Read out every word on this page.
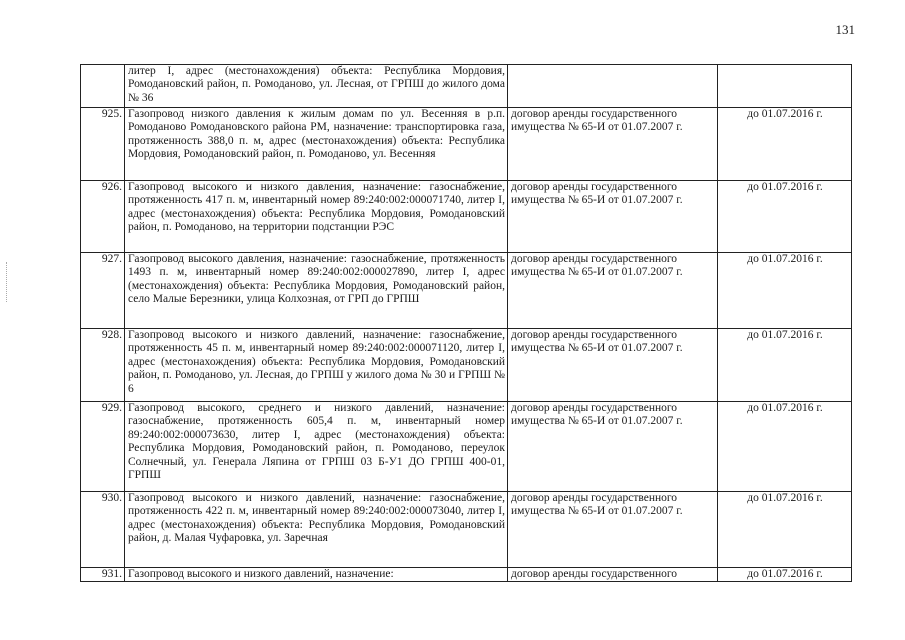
131
	литер I, адрес (местонахождения) объекта: Республика Мордовия, Ромодановский район, п. Ромоданово, ул. Лесная, от ГРПШ до жилого дома № 36		
925.	Газопровод низкого давления к жилым домам по ул. Весенняя в р.п. Ромоданово Ромодановского района РМ, назначение: транспортировка газа, протяженность 388,0 п. м, адрес (местонахождения) объекта: Республика Мордовия, Ромодановский район, п. Ромоданово, ул. Весенняя	договор аренды государственного имущества № 65-И от 01.07.2007 г.	до 01.07.2016 г.
926.	Газопровод высокого и низкого давления, назначение: газоснабжение, протяженность 417 п. м, инвентарный номер 89:240:002:000071740, литер I, адрес (местонахождения) объекта: Республика Мордовия, Ромодановский район, п. Ромоданово, на территории подстанции РЭС	договор аренды государственного имущества № 65-И от 01.07.2007 г.	до 01.07.2016 г.
927.	Газопровод высокого давления, назначение: газоснабжение, протяженность 1493 п. м, инвентарный номер 89:240:002:000027890, литер I, адрес (местонахождения) объекта: Республика Мордовия, Ромодановский район, село Малые Березники, улица Колхозная, от ГРП до ГРПШ	договор аренды государственного имущества № 65-И от 01.07.2007 г.	до 01.07.2016 г.
928.	Газопровод высокого и низкого давлений, назначение: газоснабжение, протяженность 45 п. м, инвентарный номер 89:240:002:000071120, литер I, адрес (местонахождения) объекта: Республика Мордовия, Ромодановский район, п. Ромоданово, ул. Лесная, до ГРПШ у жилого дома № 30 и ГРПШ № 6	договор аренды государственного имущества № 65-И от 01.07.2007 г.	до 01.07.2016 г.
929.	Газопровод высокого, среднего и низкого давлений, назначение: газоснабжение, протяженность 605,4 п. м, инвентарный номер 89:240:002:000073630, литер I, адрес (местонахождения) объекта: Республика Мордовия, Ромодановский район, п. Ромоданово, переулок Солнечный, ул. Генерала Ляпина от ГРПШ 03 Б-У1 ДО ГРПШ 400-01, ГРПШ	договор аренды государственного имущества № 65-И от 01.07.2007 г.	до 01.07.2016 г.
930.	Газопровод высокого и низкого давлений, назначение: газоснабжение, протяженность 422 п. м, инвентарный номер 89:240:002:000073040, литер I, адрес (местонахождения) объекта: Республика Мордовия, Ромодановский район, д. Малая Чуфаровка, ул. Заречная	договор аренды государственного имущества № 65-И от 01.07.2007 г.	до 01.07.2016 г.
931.	Газопровод высокого и низкого давлений, назначение:	договор аренды государственного	до 01.07.2016 г.
